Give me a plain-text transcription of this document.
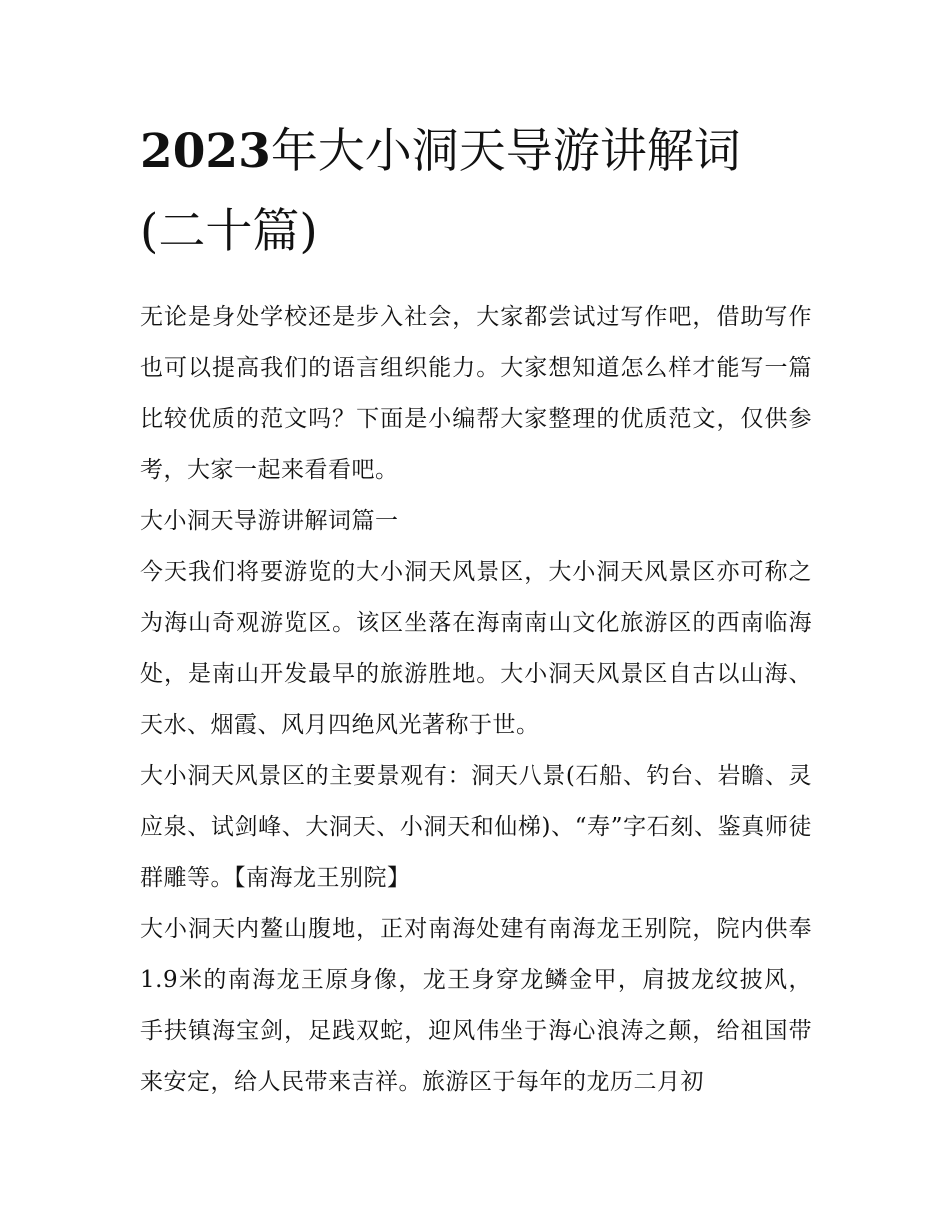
2023年大小洞天导游讲解词
(二十篇)

无论是身处学校还是步入社会，大家都尝试过写作吧，借助写作也可以提高我们的语言组织能力。大家想知道怎么样才能写一篇比较优质的范文吗？下面是小编帮大家整理的优质范文，仅供参考，大家一起来看看吧。

大小洞天导游讲解词篇一

今天我们将要游览的大小洞天风景区，大小洞天风景区亦可称之为海山奇观游览区。该区坐落在海南南山文化旅游区的西南临海处，是南山开发最早的旅游胜地。大小洞天风景区自古以山海、天水、烟霞、风月四绝风光著称于世。

大小洞天风景区的主要景观有：洞天八景(石船、钓台、岩瞻、灵应泉、试剑峰、大洞天、小洞天和仙梯)、“寿”字石刻、鉴真师徒群雕等。【南海龙王别院】

大小洞天内鳌山腹地，正对南海处建有南海龙王别院，院内供奉1.9米的南海龙王原身像，龙王身穿龙鳞金甲，肩披龙纹披风，手扶镇海宝剑，足践双蛇，迎风伟坐于海心浪涛之颠，给祖国带来安定，给人民带来吉祥。旅游区于每年的龙历二月初
